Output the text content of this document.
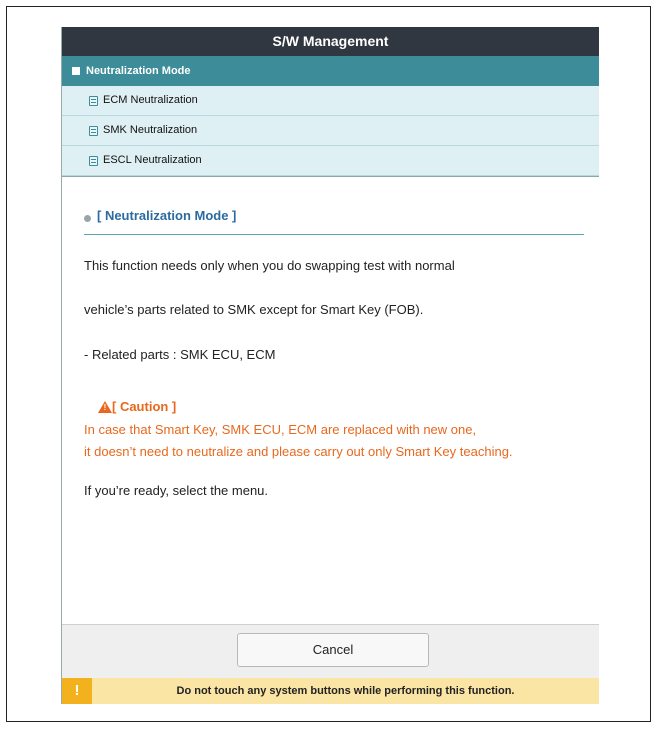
S/W Management
Neutralization Mode
ECM Neutralization
SMK Neutralization
ESCL Neutralization
[ Neutralization Mode ]
This function needs only when you do swapping test with normal
vehicle’s parts related to SMK except for Smart Key (FOB).
- Related parts : SMK ECU, ECM
! [ Caution ]
In case that Smart Key, SMK ECU, ECM are replaced with new one,
it doesn’t need to neutralize and please carry out only Smart Key teaching.
If you’re ready, select the menu.
Cancel
!	Do not touch any system buttons while performing this function.
